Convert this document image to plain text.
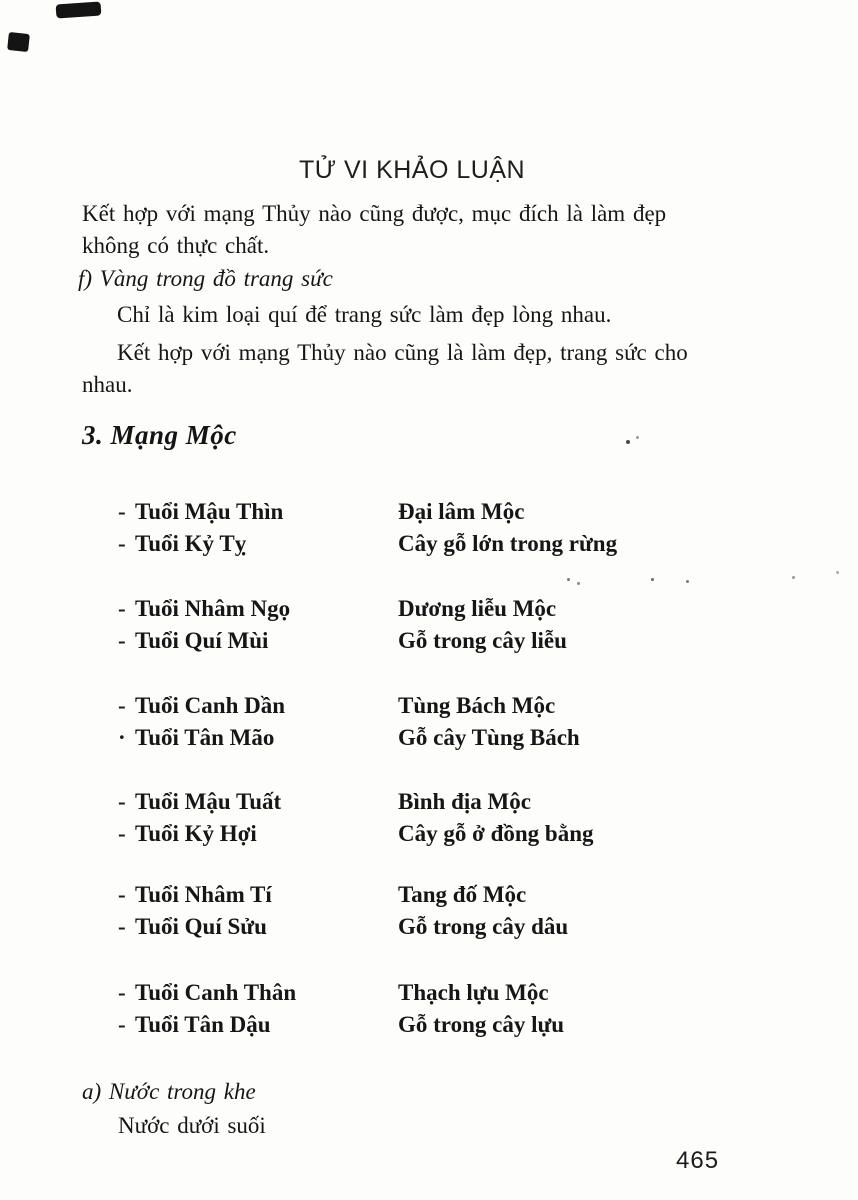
TỬ VI KHẢO LUẬN
Kết hợp với mạng Thủy nào cũng được, mục đích là làm đẹp
không có thực chất.
f) Vàng trong đồ trang sức
Chỉ là kim loại quí để trang sức làm đẹp lòng nhau.
Kết hợp với mạng Thủy nào cũng là làm đẹp, trang sức cho
nhau.
3. Mạng Mộc
- Tuổi Mậu Thìn	Đại lâm Mộc
- Tuổi Kỷ Tỵ	Cây gỗ lớn trong rừng
- Tuổi Nhâm Ngọ	Dương liễu Mộc
- Tuổi Quí Mùi	Gỗ trong cây liễu
- Tuổi Canh Dần	Tùng Bách Mộc
· Tuổi Tân Mão	Gỗ cây Tùng Bách
- Tuổi Mậu Tuất	Bình địa Mộc
- Tuổi Kỷ Hợi	Cây gỗ ở đồng bằng
- Tuổi Nhâm Tí	Tang đố Mộc
- Tuổi Quí Sửu	Gỗ trong cây dâu
- Tuổi Canh Thân	Thạch lựu Mộc
- Tuổi Tân Dậu	Gỗ trong cây lựu
a) Nước trong khe
Nước dưới suối
465
